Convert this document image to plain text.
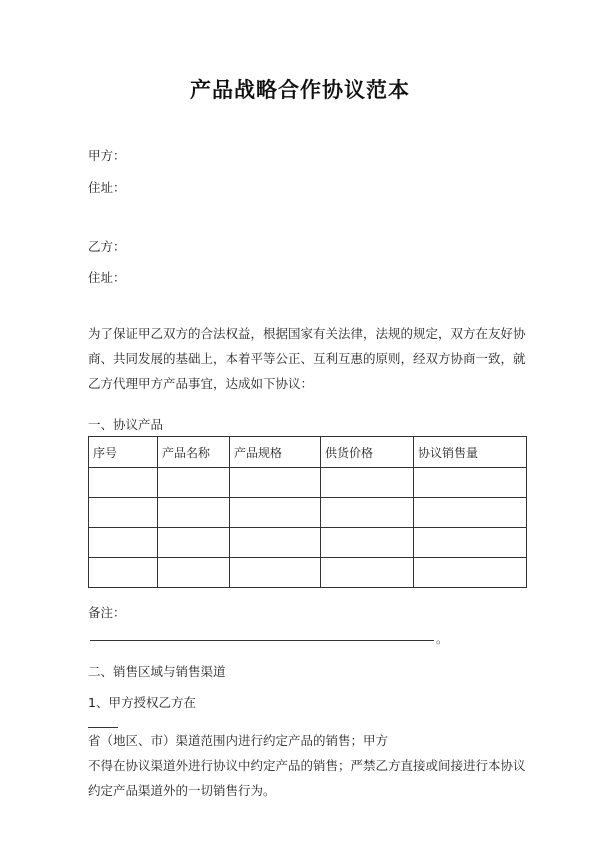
产品战略合作协议范本
甲方：
住址：
乙方：
住址：
为了保证甲乙双方的合法权益，根据国家有关法律，法规的规定，双方在友好协
商、共同发展的基础上，本着平等公正、互利互惠的原则，经双方协商一致，就
乙方代理甲方产品事宜，达成如下协议：
一、协议产品
序号	产品名称	产品规格	供货价格	协议销售量

备注：
。
二、销售区域与销售渠道
1、甲方授权乙方在
省（地区、市）渠道范围内进行约定产品的销售；甲方
不得在协议渠道外进行协议中约定产品的销售；严禁乙方直接或间接进行本协议
约定产品渠道外的一切销售行为。
